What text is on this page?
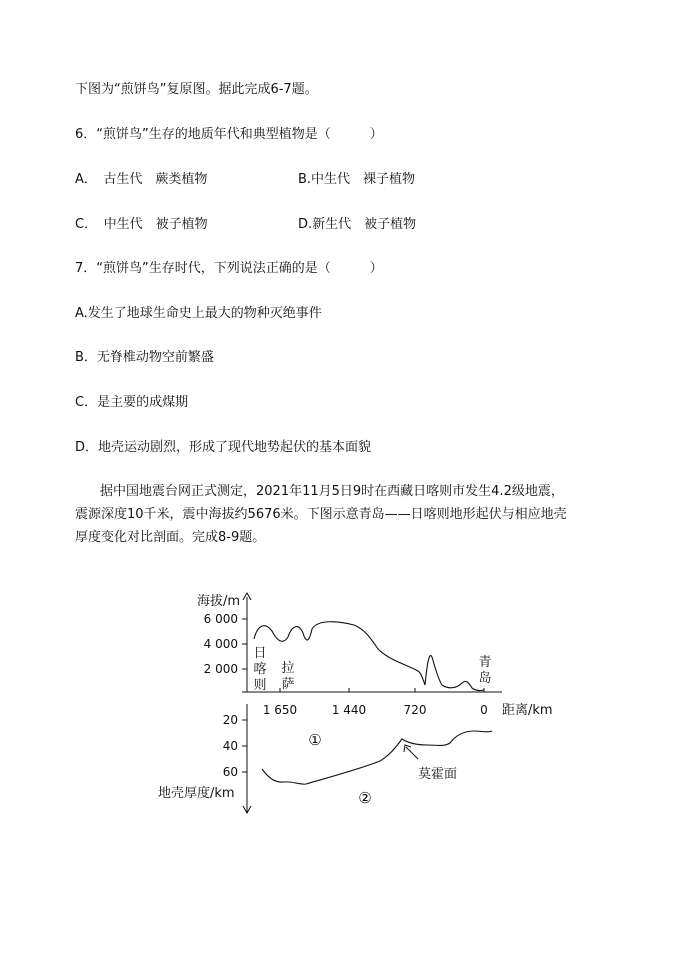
下图为“煎饼鸟”复原图。据此完成6-7题。
6．“煎饼鸟”生存的地质年代和典型植物是（　　　）
A．　古生代　蕨类植物	B.中生代　裸子植物
C．　中生代　被子植物	D.新生代　被子植物
7．“煎饼鸟”生存时代，下列说法正确的是（　　　）
A.发生了地球生命史上最大的物种灭绝事件
B．无脊椎动物空前繁盛
C．是主要的成煤期
D．地壳运动剧烈，形成了现代地势起伏的基本面貌
据中国地震台网正式测定，2021年11月5日9时在西藏日喀则市发生4.2级地震，
震源深度10千米，震中海拔约5676米。下图示意青岛——日喀则地形起伏与相应地壳
厚度变化对比剖面。完成8-9题。
海拔/m
6 000
4 000
2 000
1 650	1 440	720	0 距离/km
日
喀
则
拉
萨
青
岛
20
40
60
地壳厚度/km
莫霍面
①
②
